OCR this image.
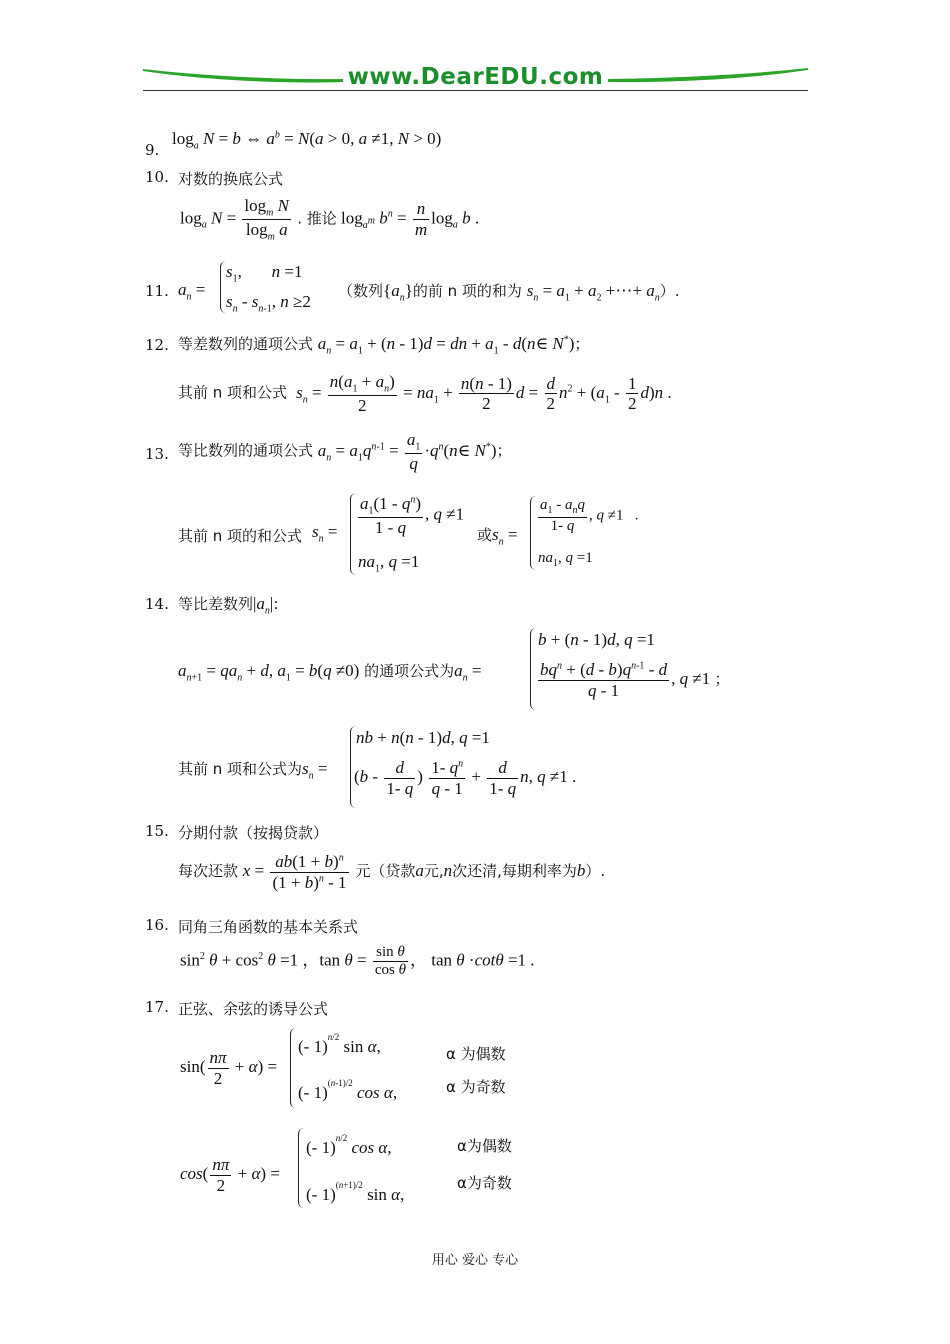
www.DearEDU.com
9.
$\log_a N = b$ ⇔ $a^b = N(a > 0$, a ≠1, N > 0)
10. 对数的换底公式
$\log_a N = \frac{\log_m N}{\log_m a}$ . 推论 $\log_{a^m} b^n = \frac{n}{m} \log_a b$ .
11. $a_n$ =
$s_1$,       n =1
$s_n - s_{n-1}$, n ≥2
（数列$\{a_n\}$的前 n 项的和为 $s_n = a_1 + a_2$ +⋯+ $a_n$）.
12. 等差数列的通项公式 $a_n = a_1 + (n - 1)d$ = dn + $a_1$ - d(n∈ N*)；
其前 n 项和公式 $s_n = \frac{n(a_1 + a_n)}{2} = na_1 + \frac{n(n - 1)}{2}$ $d = \frac{d}{2} n^2 + (a_1 - \frac{1}{2} d)n$ .
13. 等比数列的通项公式 $a_n = a_1q^{n-1} = \frac{a_1}{q}$ $\cdot q^n(n\in$ N*)；
其前 n 项的和公式 $s_n = \frac{a_1(1 - q^n)}{1 - q}$ , q ≠1
$na_1$, q =1
或$s_n = \frac{a_1 - a_nq}{1- q}$ , q ≠1   .
$na_1$, q =1
14. 等比差数列$|a_n|$:
$a_{n+1} = qa_n + d$, $a_1 = b(q \ne 0)$ 的通项公式为$a_n$ =
b + (n - 1)d, q =1
$\frac{bq^n + (d - b)q^{n-1} - d}{q - 1}$ , q ≠1 ；
其前 n 项和公式为$s_n$ =
nb + n(n - 1)d, q =1
($b - \frac{d}{1- q}$ ) $\frac{1- q^n}{q - 1} + \frac{d}{1- q} n$, q ≠1 .
15. 分期付款（按揭贷款）
每次还款 $x = \frac{ab(1 + b)^n}{(1 + b)^n - 1}$ 元（贷款a元,n次还清,每期利率为b）.
16. 同角三角函数的基本关系式
$\sin^2 \theta + \cos^2 \theta =1$ ，$\tan \theta = \frac{\text{sin θ}}{\text{cos θ}}$ ， tan θ ·cotθ =1 .
17. 正弦、余弦的诱导公式
$\sin( \frac{n\pi}{2} + \alpha)$ =
(- 1)$^{n/2}$ sin α,
(- 1)$^{(n-1)/2}$ cos α,
α 为偶数
α 为奇数
$\cos( \frac{n\pi}{2} + \alpha)$ =
(- 1)$^{n/2}$ cos α,
(- 1)$^{(n+1)/2}$ sin α,
α为偶数
α为奇数
用心 爱心 专心
